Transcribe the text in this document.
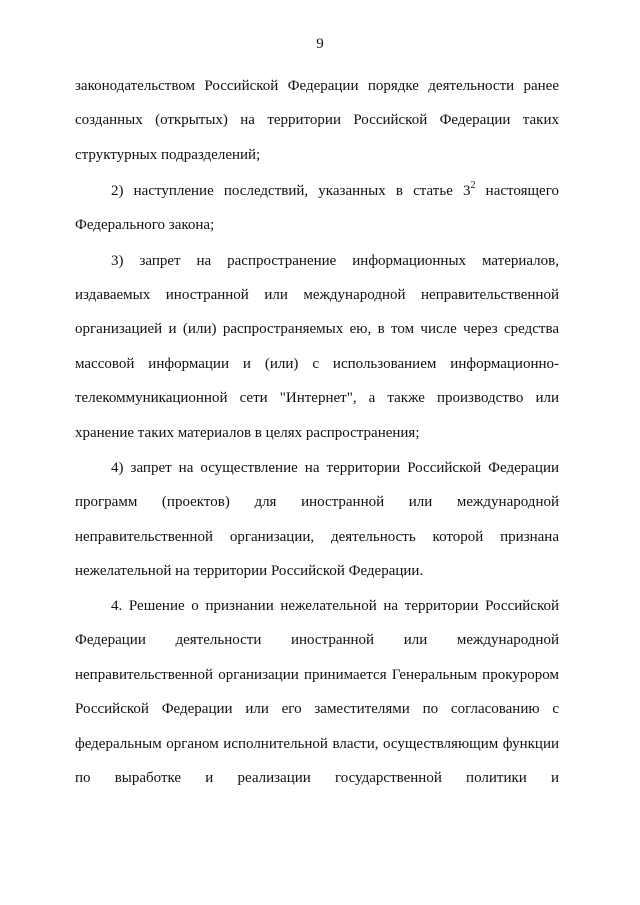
9
законодательством Российской Федерации порядке деятельности ранее
созданных (открытых) на территории Российской Федерации таких
структурных подразделений;
2) наступление последствий, указанных в статье $3^2$ настоящего
Федерального закона;
3) запрет на распространение информационных материалов,
издаваемых иностранной или международной неправительственной
организацией и (или) распространяемых ею, в том числе через средства
массовой информации и (или) с использованием информационно-
телекоммуникационной сети "Интернет", а также производство или
хранение таких материалов в целях распространения;
4) запрет на осуществление на территории Российской Федерации
программ (проектов) для иностранной или международной
неправительственной организации, деятельность которой признана
нежелательной на территории Российской Федерации.
4. Решение о признании нежелательной на территории Российской
Федерации деятельности иностранной или международной
неправительственной организации принимается Генеральным прокурором
Российской Федерации или его заместителями по согласованию с
федеральным органом исполнительной власти, осуществляющим функции
по выработке и реализации государственной политики и
